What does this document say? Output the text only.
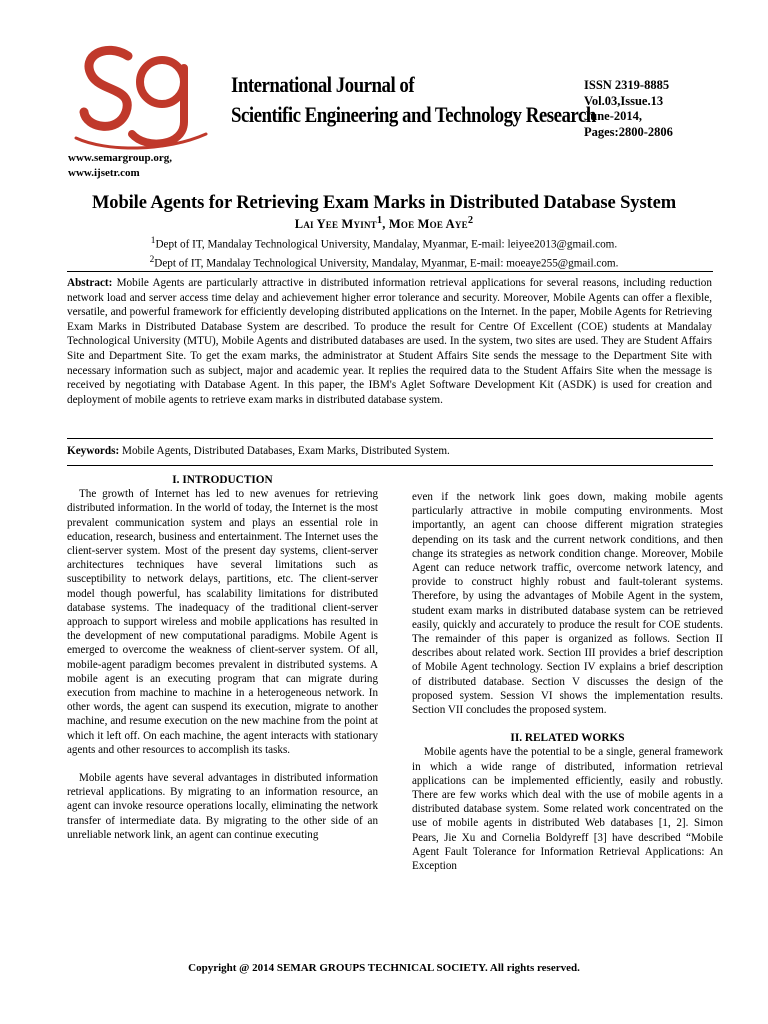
International Journal of
Scientific Engineering and Technology Research
ISSN 2319-8885
Vol.03,Issue.13
June-2014,
Pages:2800-2806
www.semargroup.org,
www.ijsetr.com
Mobile Agents for Retrieving Exam Marks in Distributed Database System
Lai Yee Myint$^1$, Moe Moe Aye$^2$
$^1$Dept of IT, Mandalay Technological University, Mandalay, Myanmar, E-mail: leiyee2013@gmail.com.
$^2$Dept of IT, Mandalay Technological University, Mandalay, Myanmar, E-mail: moeaye255@gmail.com.
Abstract: Mobile Agents are particularly attractive in distributed information retrieval applications for several reasons, including reduction network load and server access time delay and achievement higher error tolerance and security. Moreover, Mobile Agents can offer a flexible, versatile, and powerful framework for efficiently developing distributed applications on the Internet. In the paper, Mobile Agents for Retrieving Exam Marks in Distributed Database System are described. To produce the result for Centre Of Excellent (COE) students at Mandalay Technological University (MTU), Mobile Agents and distributed databases are used. In the system, two sites are used. They are Student Affairs Site and Department Site. To get the exam marks, the administrator at Student Affairs Site sends the message to the Department Site with necessary information such as subject, major and academic year. It replies the required data to the Student Affairs Site when the message is received by negotiating with Database Agent. In this paper, the IBM's Aglet Software Development Kit (ASDK) is used for creation and deployment of mobile agents to retrieve exam marks in distributed database system.
Keywords: Mobile Agents, Distributed Databases, Exam Marks, Distributed System.

I. INTRODUCTION

The growth of Internet has led to new avenues for retrieving distributed information. In the world of today, the Internet is the most prevalent communication system and plays an essential role in education, research, business and entertainment. The Internet uses the client-server system. Most of the present day systems, client-server architectures techniques have several limitations such as susceptibility to network delays, partitions, etc. The client-server model though powerful, has scalability limitations for distributed database systems. The inadequacy of the traditional client-server approach to support wireless and mobile applications has resulted in the development of new computational paradigms. Mobile Agent is emerged to overcome the weakness of client-server system. Of all, mobile-agent paradigm becomes prevalent in distributed systems. A mobile agent is an executing program that can migrate during execution from machine to machine in a heterogeneous network. In other words, the agent can suspend its execution, migrate to another machine, and resume execution on the new machine from the point at which it left off. On each machine, the agent interacts with stationary agents and other resources to accomplish its tasks.

Mobile agents have several advantages in distributed information retrieval applications. By migrating to an information resource, an agent can invoke resource operations locally, eliminating the network transfer of intermediate data. By migrating to the other side of an unreliable network link, an agent can continue executing

even if the network link goes down, making mobile agents particularly attractive in mobile computing environments. Most importantly, an agent can choose different migration strategies depending on its task and the current network conditions, and then change its strategies as network condition change. Moreover, Mobile Agent can reduce network traffic, overcome network latency, and provide to construct highly robust and fault-tolerant systems. Therefore, by using the advantages of Mobile Agent in the system, student exam marks in distributed database system can be retrieved easily, quickly and accurately to produce the result for COE students. The remainder of this paper is organized as follows. Section II describes about related work. Section III provides a brief description of Mobile Agent technology. Section IV explains a brief description of distributed database. Section V discusses the design of the proposed system. Session VI shows the implementation results. Section VII concludes the proposed system.

II. RELATED WORKS

Mobile agents have the potential to be a single, general framework in which a wide range of distributed, information retrieval applications can be implemented efficiently, easily and robustly. There are few works which deal with the use of mobile agents in a distributed database system. Some related work concentrated on the use of mobile agents in distributed Web databases [1, 2]. Simon Pears, Jie Xu and Cornelia Boldyreff [3] have described “Mobile Agent Fault Tolerance for Information Retrieval Applications: An Exception

Copyright @ 2014 SEMAR GROUPS TECHNICAL SOCIETY. All rights reserved.
